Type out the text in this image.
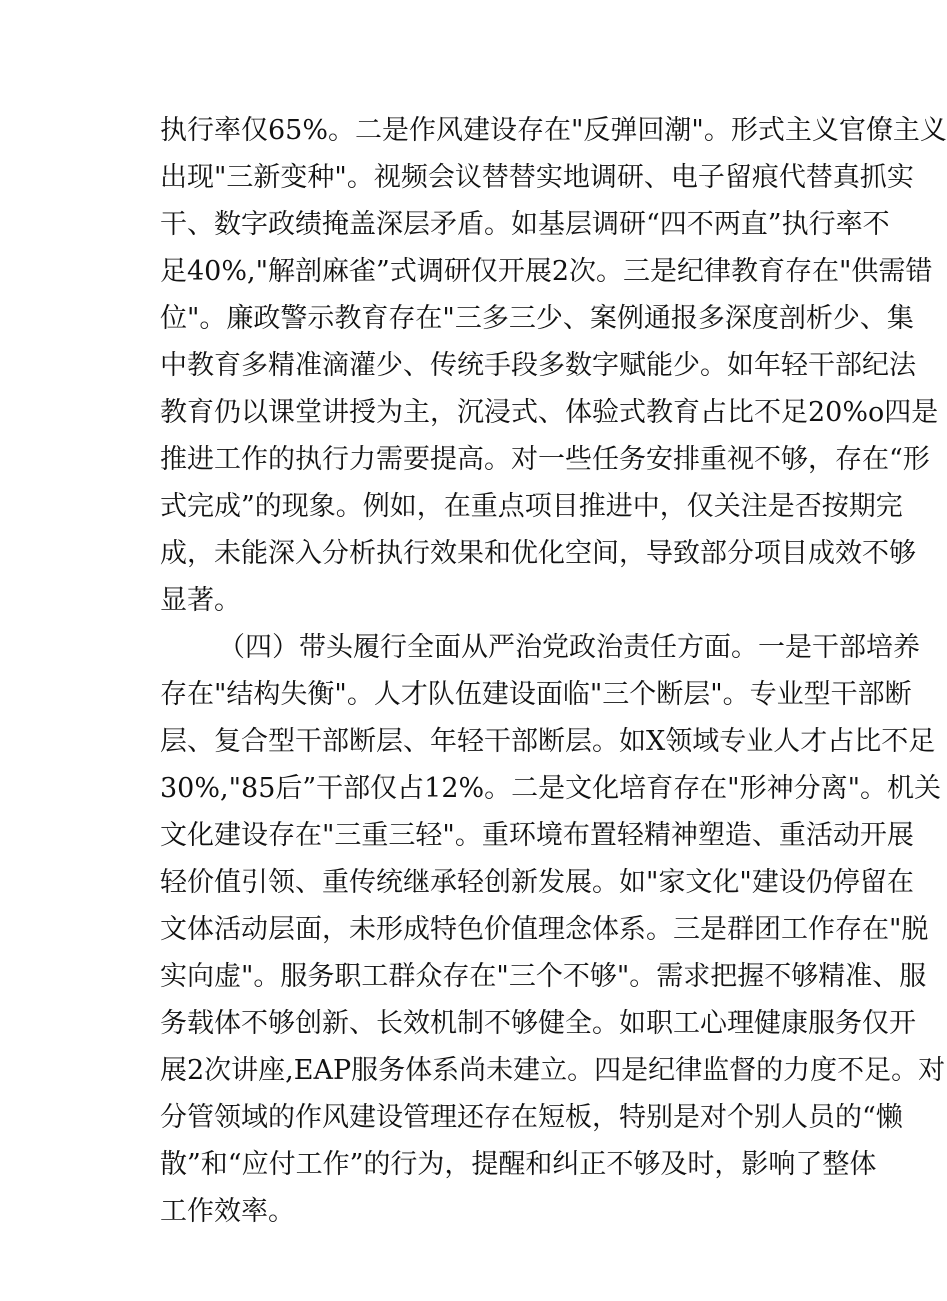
执行率仅65%。二是作风建设存在"反弹回潮"。形式主义官僚主义
出现"三新变种"。视频会议替替实地调研、电子留痕代替真抓实
干、数字政绩掩盖深层矛盾。如基层调研“四不两直”执行率不
足40%,"解剖麻雀”式调研仅开展2次。三是纪律教育存在"供需错
位"。廉政警示教育存在"三多三少、案例通报多深度剖析少、集
中教育多精准滴灌少、传统手段多数字赋能少。如年轻干部纪法
教育仍以课堂讲授为主，沉浸式、体验式教育占比不足20%o四是
推进工作的执行力需要提高。对一些任务安排重视不够，存在“形
式完成”的现象。例如，在重点项目推进中，仅关注是否按期完
成，未能深入分析执行效果和优化空间，导致部分项目成效不够
显著。
（四）带头履行全面从严治党政治责任方面。一是干部培养
存在"结构失衡"。人才队伍建设面临"三个断层"。专业型干部断
层、复合型干部断层、年轻干部断层。如X领域专业人才占比不足
30%,"85后”干部仅占12%。二是文化培育存在"形神分离"。机关
文化建设存在"三重三轻"。重环境布置轻精神塑造、重活动开展
轻价值引领、重传统继承轻创新发展。如"家文化"建设仍停留在
文体活动层面，未形成特色价值理念体系。三是群团工作存在"脱
实向虚"。服务职工群众存在"三个不够"。需求把握不够精准、服
务载体不够创新、长效机制不够健全。如职工心理健康服务仅开
展2次讲座,EAP服务体系尚未建立。四是纪律监督的力度不足。对
分管领域的作风建设管理还存在短板，特别是对个别人员的“懒
散”和“应付工作”的行为，提醒和纠正不够及时，影响了整体
工作效率。
